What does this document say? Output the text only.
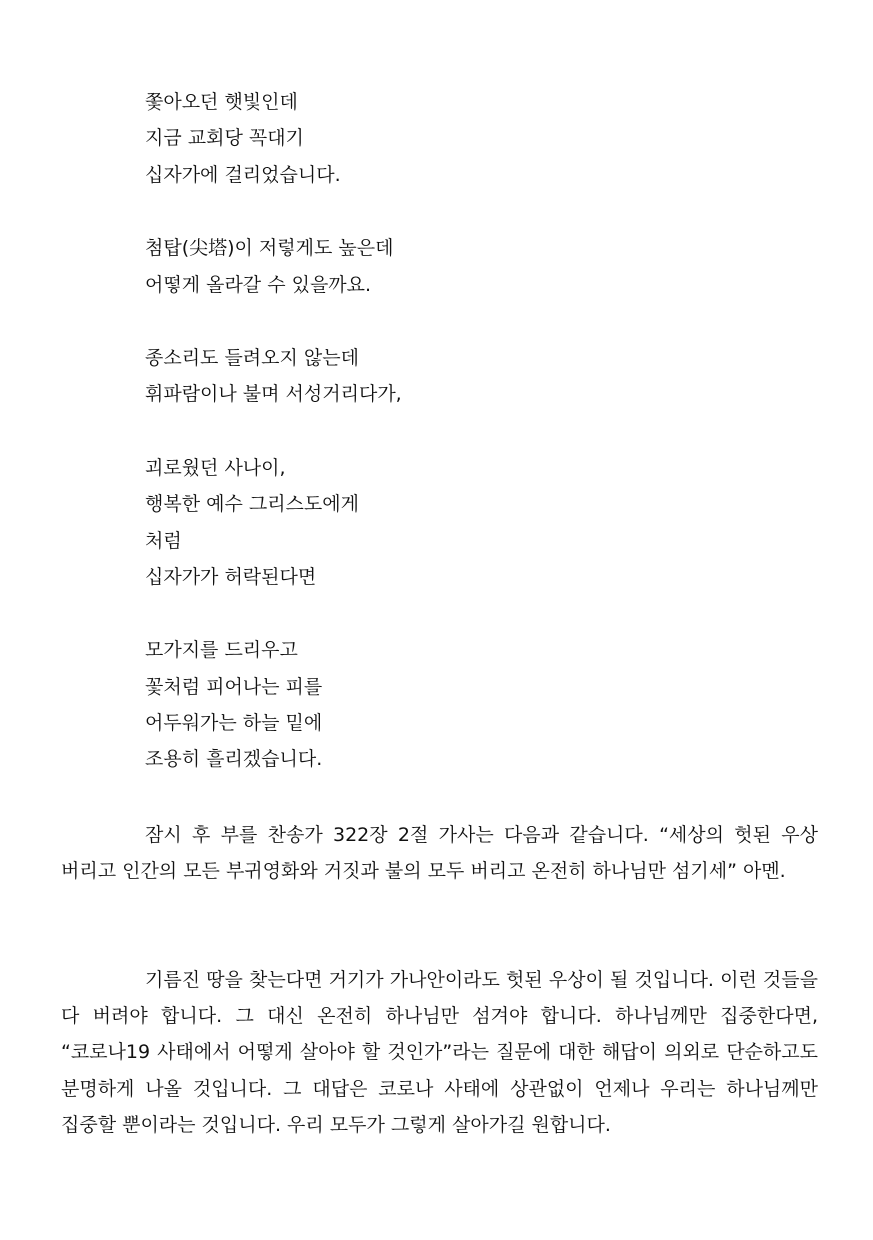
쫓아오던 햇빛인데
지금 교회당 꼭대기
십자가에 걸리었습니다.
첨탑(尖塔)이 저렇게도 높은데
어떻게 올라갈 수 있을까요.
종소리도 들려오지 않는데
휘파람이나 불며 서성거리다가,
괴로웠던 사나이,
행복한 예수 그리스도에게
처럼
십자가가 허락된다면
모가지를 드리우고
꽃처럼 피어나는 피를
어두워가는 하늘 밑에
조용히 흘리겠습니다.

잠시 후 부를 찬송가 322장 2절 가사는 다음과 같습니다. “세상의 헛된 우상 버리고 인간의 모든 부귀영화와 거짓과 불의 모두 버리고 온전히 하나님만 섬기세” 아멘.

기름진 땅을 찾는다면 거기가 가나안이라도 헛된 우상이 될 것입니다. 이런 것들을 다 버려야 합니다. 그 대신 온전히 하나님만 섬겨야 합니다. 하나님께만 집중한다면, “코로나19 사태에서 어떻게 살아야 할 것인가”라는 질문에 대한 해답이 의외로 단순하고도 분명하게 나올 것입니다. 그 대답은 코로나 사태에 상관없이 언제나 우리는 하나님께만 집중할 뿐이라는 것입니다. 우리 모두가 그렇게 살아가길 원합니다.
